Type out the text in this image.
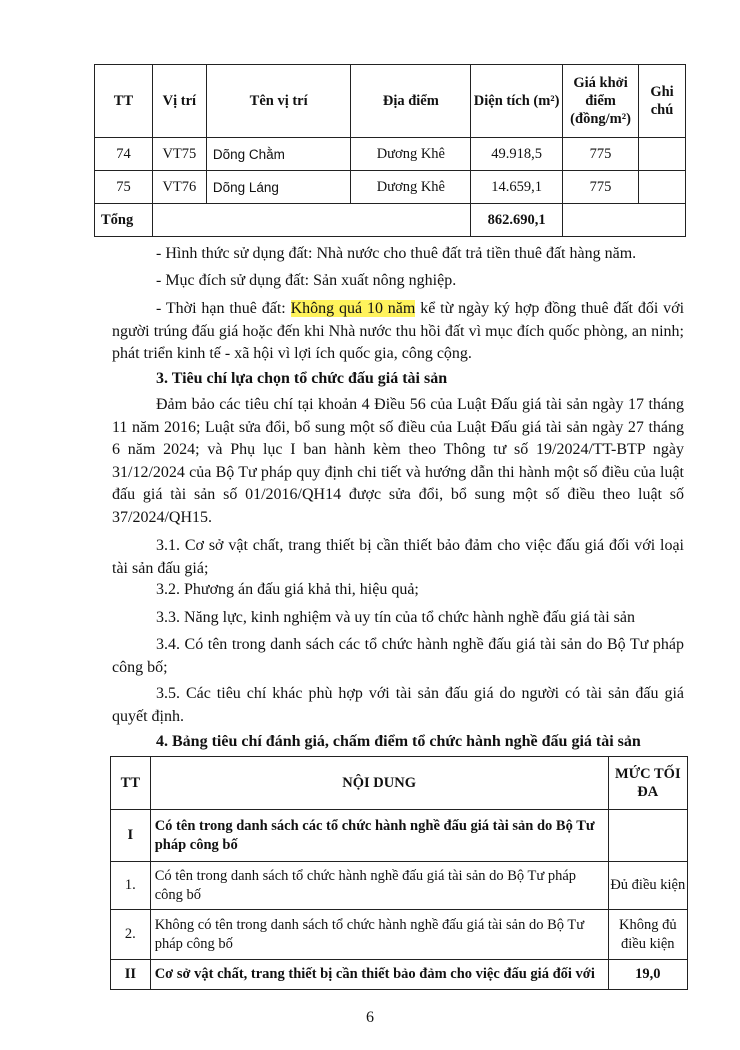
TT	Vị trí	Tên vị trí	Địa điểm	Diện tích (m²)	Giá khởi điểm (đồng/m²)	Ghi chú
74	VT75	Dõng Chằm	Dương Khê	49.918,5	775	
75	VT76	Dõng Láng	Dương Khê	14.659,1	775	
Tổng				862.690,1		

- Hình thức sử dụng đất: Nhà nước cho thuê đất trả tiền thuê đất hàng năm.

- Mục đích sử dụng đất: Sản xuất nông nghiệp.

- Thời hạn thuê đất: Không quá 10 năm kể từ ngày ký hợp đồng thuê đất đối với người trúng đấu giá hoặc đến khi Nhà nước thu hồi đất vì mục đích quốc phòng, an ninh; phát triển kinh tế - xã hội vì lợi ích quốc gia, công cộng.

3. Tiêu chí lựa chọn tổ chức đấu giá tài sản

Đảm bảo các tiêu chí tại khoản 4 Điều 56 của Luật Đấu giá tài sản ngày 17 tháng 11 năm 2016; Luật sửa đổi, bổ sung một số điều của Luật Đấu giá tài sản ngày 27 tháng 6 năm 2024; và Phụ lục I ban hành kèm theo Thông tư số 19/2024/TT-BTP ngày 31/12/2024 của Bộ Tư pháp quy định chi tiết và hướng dẫn thi hành một số điều của luật đấu giá tài sản số 01/2016/QH14 được sửa đổi, bổ sung một số điều theo luật số 37/2024/QH15.

3.1. Cơ sở vật chất, trang thiết bị cần thiết bảo đảm cho việc đấu giá đối với loại tài sản đấu giá;

3.2. Phương án đấu giá khả thi, hiệu quả;

3.3. Năng lực, kinh nghiệm và uy tín của tổ chức hành nghề đấu giá tài sản

3.4. Có tên trong danh sách các tổ chức hành nghề đấu giá tài sản do Bộ Tư pháp công bố;

3.5. Các tiêu chí khác phù hợp với tài sản đấu giá do người có tài sản đấu giá quyết định.

4. Bảng tiêu chí đánh giá, chấm điểm tổ chức hành nghề đấu giá tài sản

TT	NỘI DUNG	MỨC TỐI ĐA
I	Có tên trong danh sách các tổ chức hành nghề đấu giá tài sản do Bộ Tư pháp công bố	
1.	Có tên trong danh sách tổ chức hành nghề đấu giá tài sản do Bộ Tư pháp công bố	Đủ điều kiện
2.	Không có tên trong danh sách tổ chức hành nghề đấu giá tài sản do Bộ Tư pháp công bố	Không đủ điều kiện
II	Cơ sở vật chất, trang thiết bị cần thiết bảo đảm cho việc đấu giá đối với	19,0
6
